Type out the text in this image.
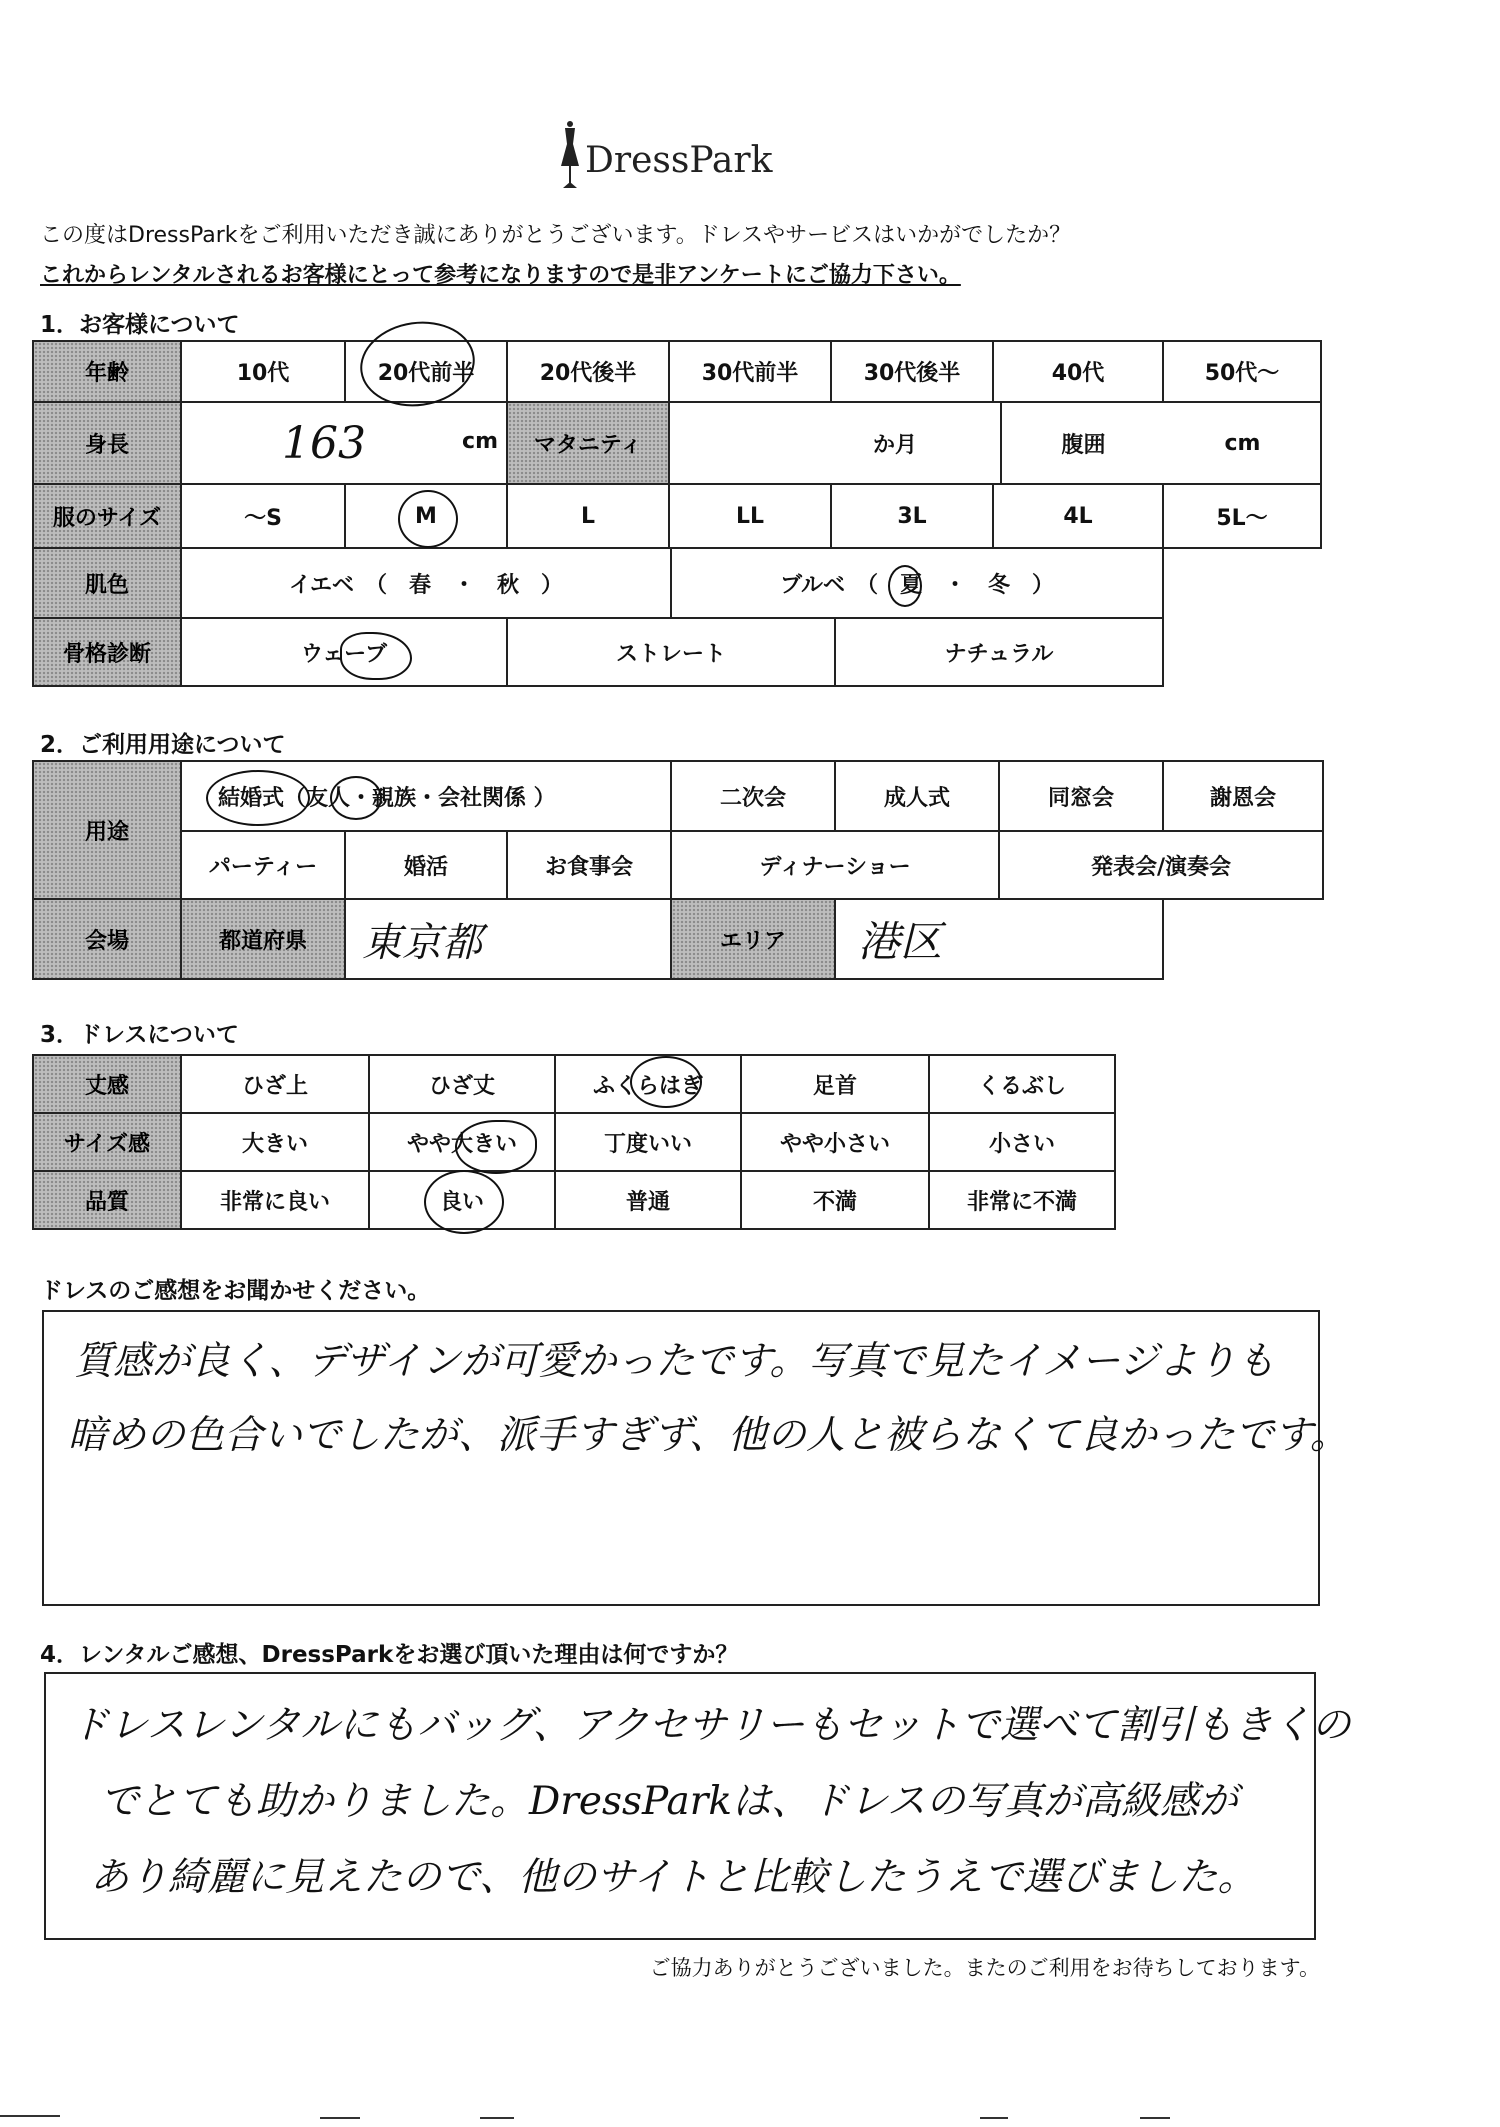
DressPark
この度はDressParkをご利用いただき誠にありがとうございます。ドレスやサービスはいかがでしたか？
これからレンタルされるお客様にとって参考になりますので是非アンケートにご協力下さい。
1．お客様について
年齢	10代	20代前半	20代後半	30代前半	30代後半	40代	50代～
身長	163	cm	マタニティ	か月	腹囲	cm
服のサイズ	～S	M	L	LL	3L	4L	5L～
肌色	イエベ　（　春　・　秋　）	ブルベ　（　夏　・　冬　）
骨格診断	ウェーブ	ストレート	ナチュラル
2．ご利用用途について
用途
結婚式（友人・親族・会社関係 ）	二次会	成人式	同窓会	謝恩会
パーティー	婚活	お食事会	ディナーショー	発表会/演奏会
会場	都道府県	東京都	エリア	港区
3．ドレスについて
丈感	ひざ上	ひざ丈	ふくらはぎ	足首	くるぶし
サイズ感	大きい	やや大きい	丁度いい	やや小さい	小さい
品質	非常に良い	良い	普通	不満	非常に不満
ドレスのご感想をお聞かせください。
質感が良く、デザインが可愛かったです。写真で見たイメージよりも
暗めの色合いでしたが、派手すぎず、他の人と被らなくて良かったです。
4．レンタルご感想、DressParkをお選び頂いた理由は何ですか？
ドレスレンタルにもバッグ、アクセサリーもセットで選べて割引もきくの
でとても助かりました。DressParkは、ドレスの写真が高級感が
あり綺麗に見えたので、他のサイトと比較したうえで選びました。
ご協力ありがとうございました。またのご利用をお待ちしております。
